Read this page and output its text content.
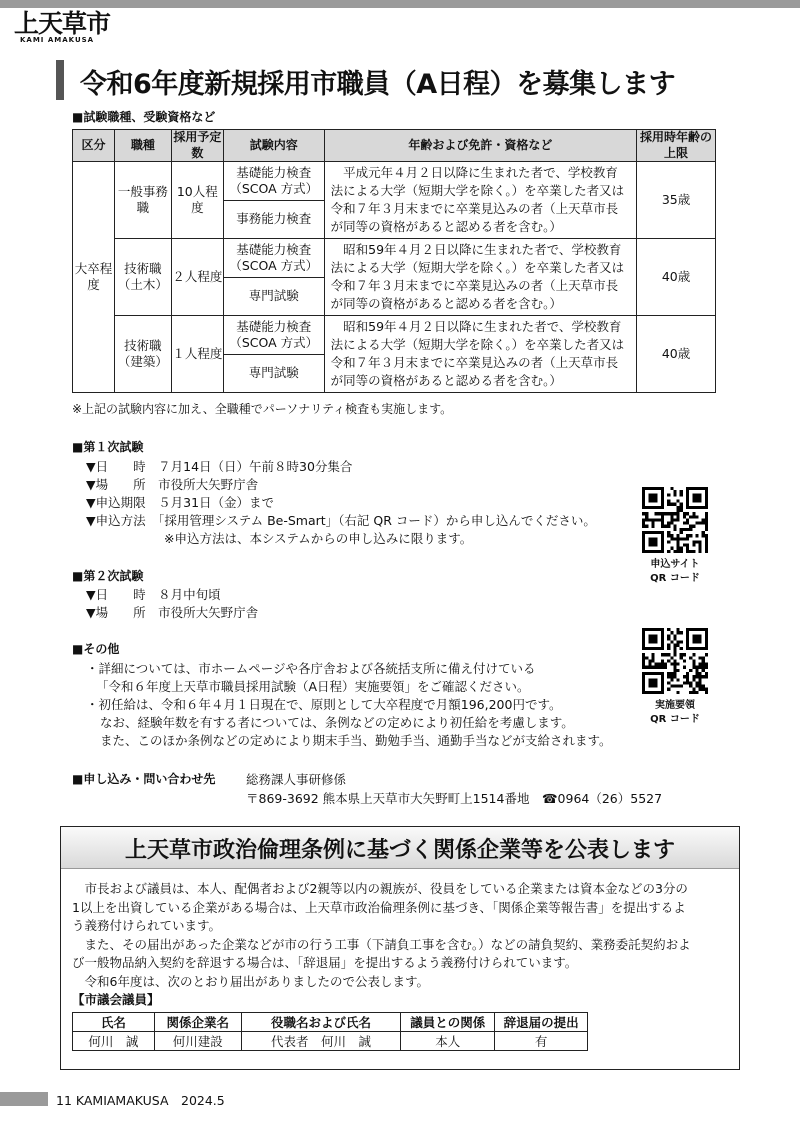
上天草市
KAMI AMAKUSA
令和6年度新規採用市職員（A日程）を募集します
■試験職種、受験資格など
区分	職種	採用予定数	試験内容	年齢および免許・資格など	採用時年齢の上限
大卒程度	一般事務職	10人程度	基礎能力検査（SCOA 方式）	　平成元年４月２日以降に生まれた者で、学校教育法による大学（短期大学を除く。）を卒業した者又は令和７年３月末までに卒業見込みの者（上天草市長が同等の資格があると認める者を含む。）	35歳
			事務能力検査		
	技術職（土木）	２人程度	基礎能力検査（SCOA 方式）	　昭和59年４月２日以降に生まれた者で、学校教育法による大学（短期大学を除く。）を卒業した者又は令和７年３月末までに卒業見込みの者（上天草市長が同等の資格があると認める者を含む。）	40歳
			専門試験		
	技術職（建築）	１人程度	基礎能力検査（SCOA 方式）	　昭和59年４月２日以降に生まれた者で、学校教育法による大学（短期大学を除く。）を卒業した者又は令和７年３月末までに卒業見込みの者（上天草市長が同等の資格があると認める者を含む。）	40歳
			専門試験		
※上記の試験内容に加え、全職種でパーソナリティ検査も実施します。
■第１次試験
▼日　　時　７月14日（日）午前８時30分集合
▼場　　所　市役所大矢野庁舎
▼申込期限　５月31日（金）まで
▼申込方法　「採用管理システム Be-Smart」（右記 QR コード）から申し込んでください。
※申込方法は、本システムからの申し込みに限ります。
申込サイト
QR コード
■第２次試験
▼日　　時　８月中旬頃
▼場　　所　市役所大矢野庁舎
■その他
・詳細については、市ホームページや各庁舎および各統括支所に備え付けている
「令和６年度上天草市職員採用試験（A日程）実施要領」をご確認ください。
・初任給は、令和６年４月１日現在で、原則として大卒程度で月額196,200円です。
なお、経験年数を有する者については、条例などの定めにより初任給を考慮します。
また、このほか条例などの定めにより期末手当、勤勉手当、通勤手当などが支給されます。
実施要領
QR コード
■申し込み・問い合わせ先 総務課人事研修係
〒869-3692 熊本県上天草市大矢野町上1514番地　☎0964（26）5527
上天草市政治倫理条例に基づく関係企業等を公表します
　市長および議員は、本人、配偶者および2親等以内の親族が、役員をしている企業または資本金などの3分の
1以上を出資している企業がある場合は、上天草市政治倫理条例に基づき、「関係企業等報告書」を提出するよ
う義務付けられています。
　また、その届出があった企業などが市の行う工事（下請負工事を含む。）などの請負契約、業務委託契約およ
び一般物品納入契約を辞退する場合は、「辞退届」を提出するよう義務付けられています。
　令和6年度は、次のとおり届出がありましたので公表します。
【市議会議員】
氏名	関係企業名	役職名および氏名	議員との関係	辞退届の提出
何川　誠	何川建設	代表者　何川　誠	本人	有
11 KAMIAMAKUSA　2024.5
